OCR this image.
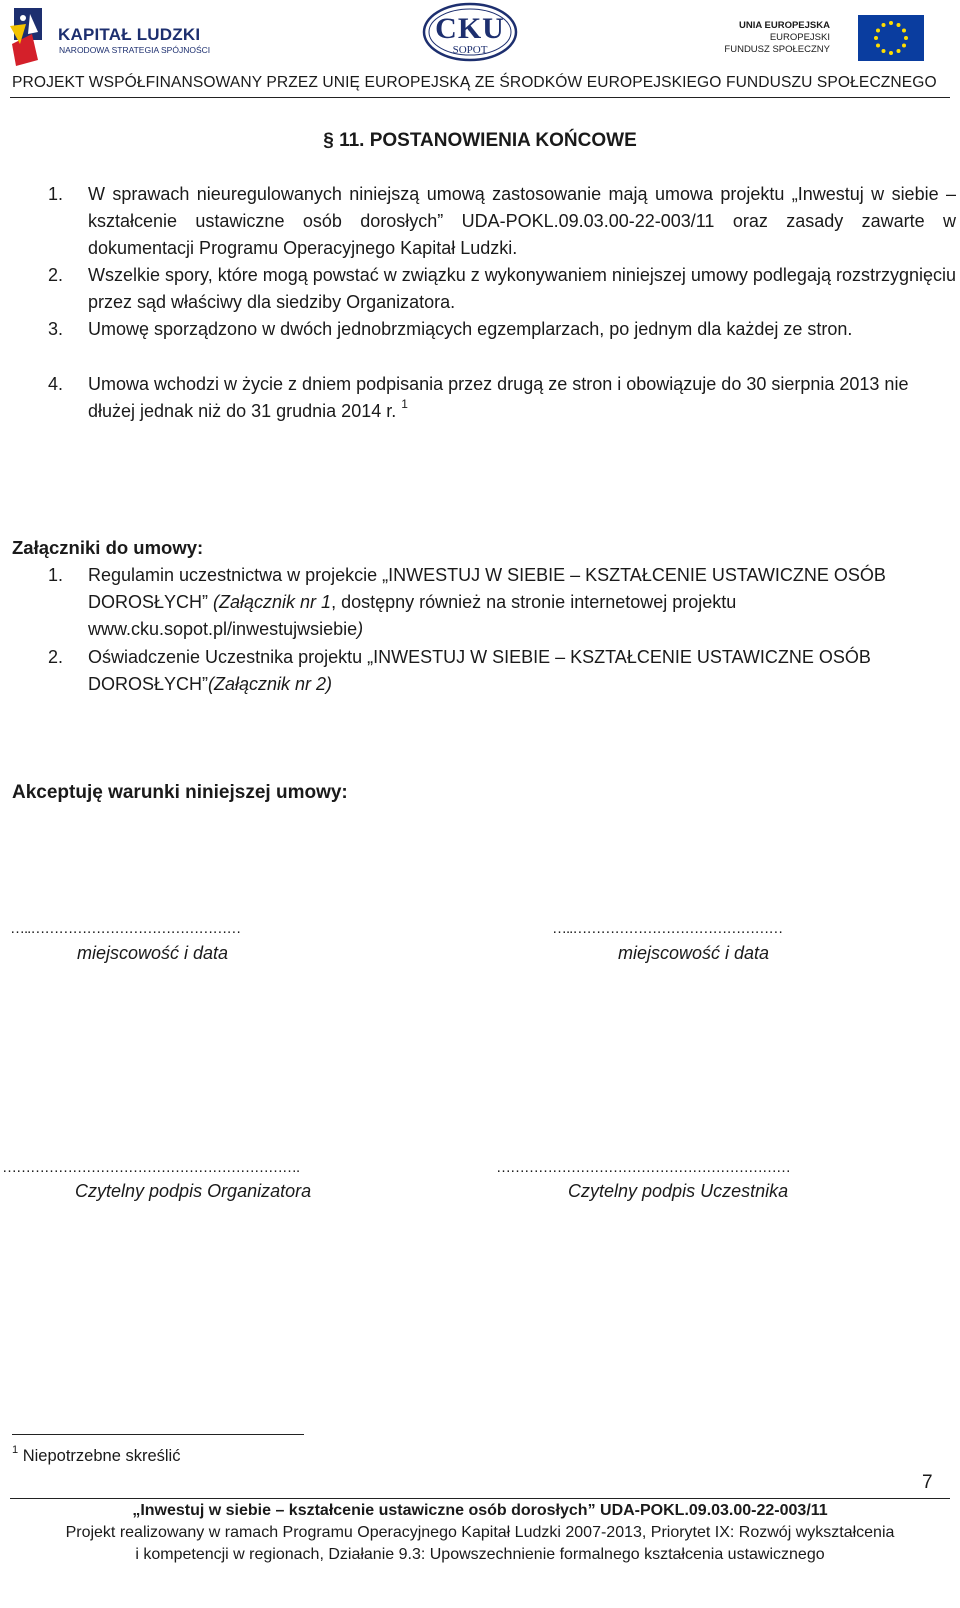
KAPITAŁ LUDZKI
NARODOWA STRATEGIA SPÓJNOŚCI
CKU
SOPOT
UNIA EUROPEJSKA
EUROPEJSKI
FUNDUSZ SPOŁECZNY
PROJEKT WSPÓŁFINANSOWANY PRZEZ UNIĘ EUROPEJSKĄ ZE ŚRODKÓW EUROPEJSKIEGO FUNDUSZU SPOŁECZNEGO
§ 11. POSTANOWIENIA KOŃCOWE
1. W sprawach nieuregulowanych niniejszą umową zastosowanie mają umowa projektu „Inwestuj w siebie – kształcenie ustawiczne osób dorosłych” UDA-POKL.09.03.00-22-003/11 oraz zasady zawarte w dokumentacji Programu Operacyjnego Kapitał Ludzki.
2. Wszelkie spory, które mogą powstać w związku z wykonywaniem niniejszej umowy podlegają rozstrzygnięciu przez sąd właściwy dla siedziby Organizatora.
3. Umowę sporządzono w dwóch jednobrzmiących egzemplarzach, po jednym dla każdej ze stron.
4. Umowa wchodzi w życie z dniem podpisania przez drugą ze stron i obowiązuje do 30 sierpnia 2013 nie dłużej jednak niż do 31 grudnia 2014 r. $^1$
Załączniki do umowy:
1. Regulamin uczestnictwa w projekcie „INWESTUJ W SIEBIE – KSZTAŁCENIE USTAWICZNE OSÓB DOROSŁYCH” (Załącznik nr 1, dostępny również na stronie internetowej projektu www.cku.sopot.pl/inwestujwsiebie)
2. Oświadczenie Uczestnika projektu „INWESTUJ W SIEBIE – KSZTAŁCENIE USTAWICZNE OSÓB DOROSŁYCH”(Załącznik nr 2)
Akceptuję warunki niniejszej umowy:
…..………………………………………	…..………………………………………
miejscowość i data	miejscowość i data
……………………………………………………….	………………………………………………………
Czytelny podpis Organizatora	Czytelny podpis Uczestnika
$^1$ Niepotrzebne skreślić
7
„Inwestuj w siebie – kształcenie ustawiczne osób dorosłych” UDA-POKL.09.03.00-22-003/11
Projekt realizowany w ramach Programu Operacyjnego Kapitał Ludzki 2007-2013, Priorytet IX: Rozwój wykształcenia
i kompetencji w regionach, Działanie 9.3: Upowszechnienie formalnego kształcenia ustawicznego
